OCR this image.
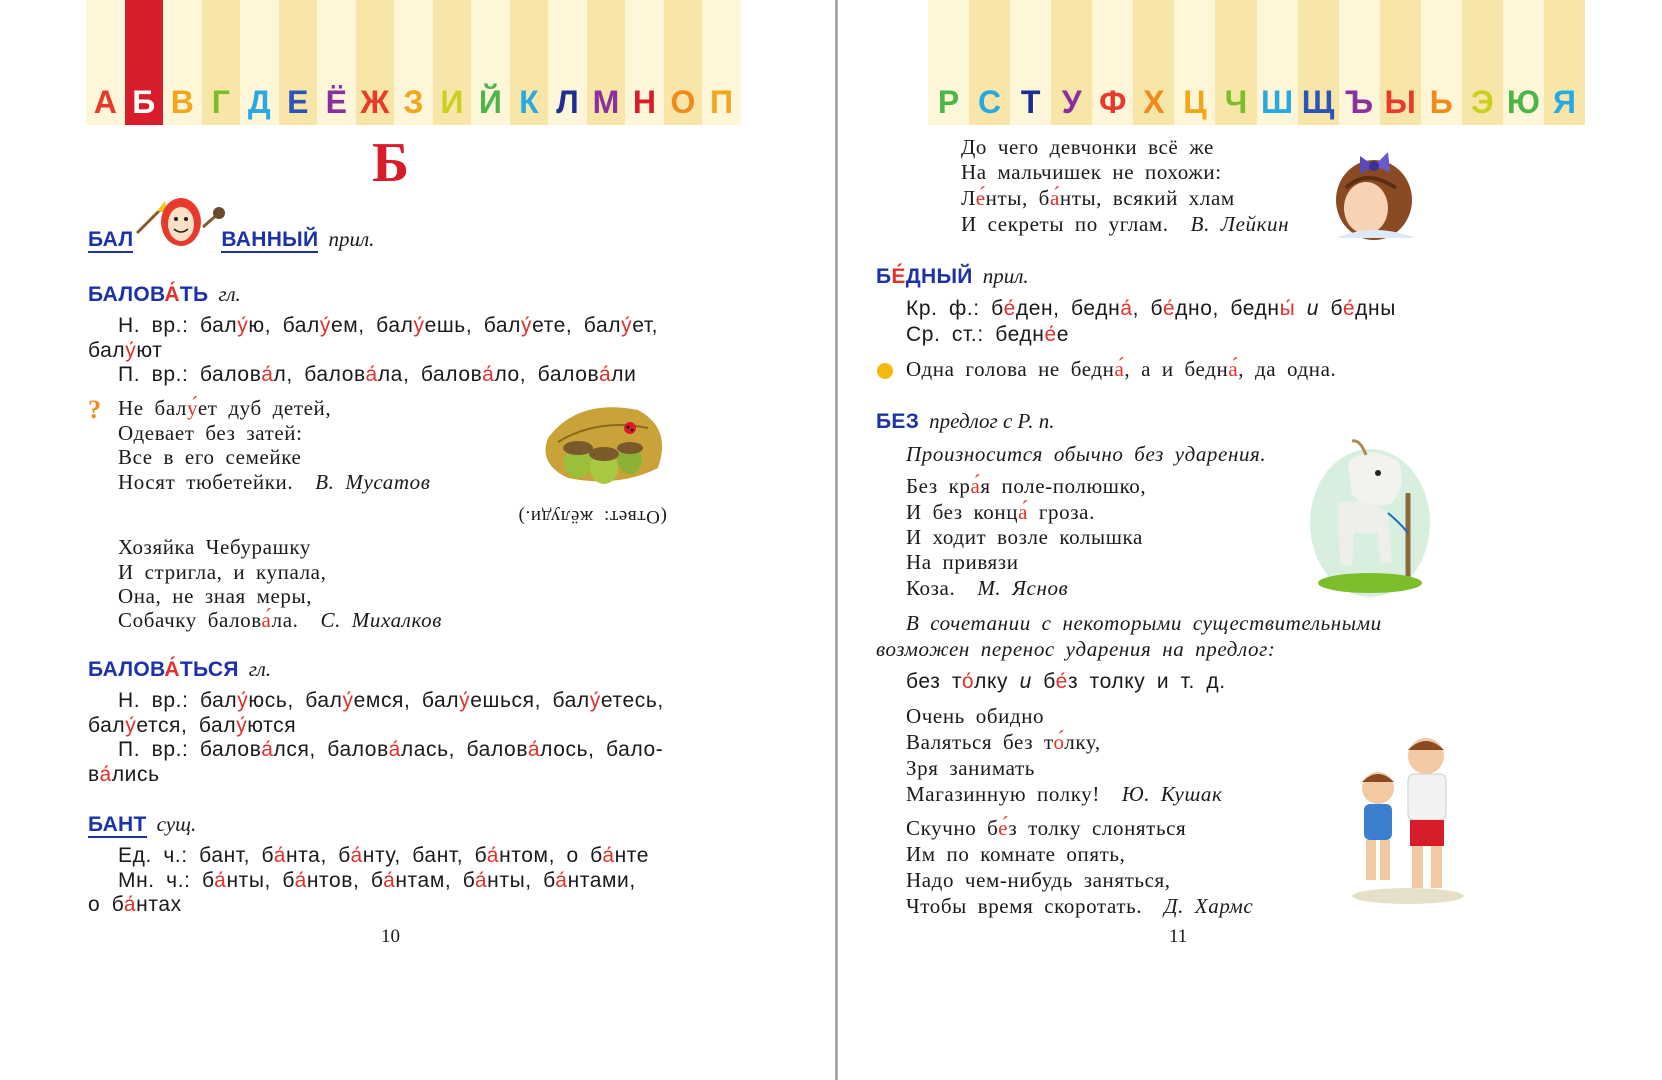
А Б В Г Д Е Ё Ж З И Й К Л М Н О П
Б
БАЛ	ВАННЫЙ прил.
БАЛОВА́ТЬ гл.
Н. вр.: балу́ю, балу́ем, балу́ешь, балу́ете, балу́ет,
балу́ют
П. вр.: балова́л, балова́ла, балова́ло, балова́ли
? Не балу́ет дуб детей,
Одевает без затей:
Все в его семейке
Носят тюбетейки. В. Мусатов
(Ответ: жёлуди.)
Хозяйка Чебурашку
И стригла, и купала,
Она, не зная меры,
Собачку балова́ла. С. Михалков
БАЛОВА́ТЬСЯ гл.
Н. вр.: балу́юсь, балу́емся, балу́ешься, балу́етесь,
балу́ется, балу́ются
П. вр.: балова́лся, балова́лась, балова́лось, бало-
ва́лись
БАНТ сущ.
Ед. ч.: бант, ба́нта, ба́нту, бант, ба́нтом, о ба́нте
Мн. ч.: ба́нты, ба́нтов, ба́нтам, ба́нты, ба́нтами,
о ба́нтах
10
Р С Т У Ф Х Ц Ч Ш Щ Ъ Ы Ь Э Ю Я
До чего девчонки всё же
На мальчишек не похожи:
Ле́нты, ба́нты, всякий хлам
И секреты по углам. В. Лейкин
БЕ́ДНЫЙ прил.
Кр. ф.: бе́ден, бедна́, бе́дно, бедны́ и бе́дны
Ср. ст.: бедне́е
Одна голова не бедна́, а и бедна́, да одна.
БЕЗ предлог с Р. п.
Произносится обычно без ударения.
Без кра́я поле-полюшко,
И без конца́ гроза.
И ходит возле колышка
На привязи
Коза. М. Яснов
В сочетании с некоторыми существительными
возможен перенос ударения на предлог:
без то́лку и бе́з толку и т. д.
Очень обидно
Валяться без то́лку,
Зря занимать
Магазинную полку! Ю. Кушак
Скучно бе́з толку слоняться
Им по комнате опять,
Надо чем-нибудь заняться,
Чтобы время скоротать. Д. Хармс
11
